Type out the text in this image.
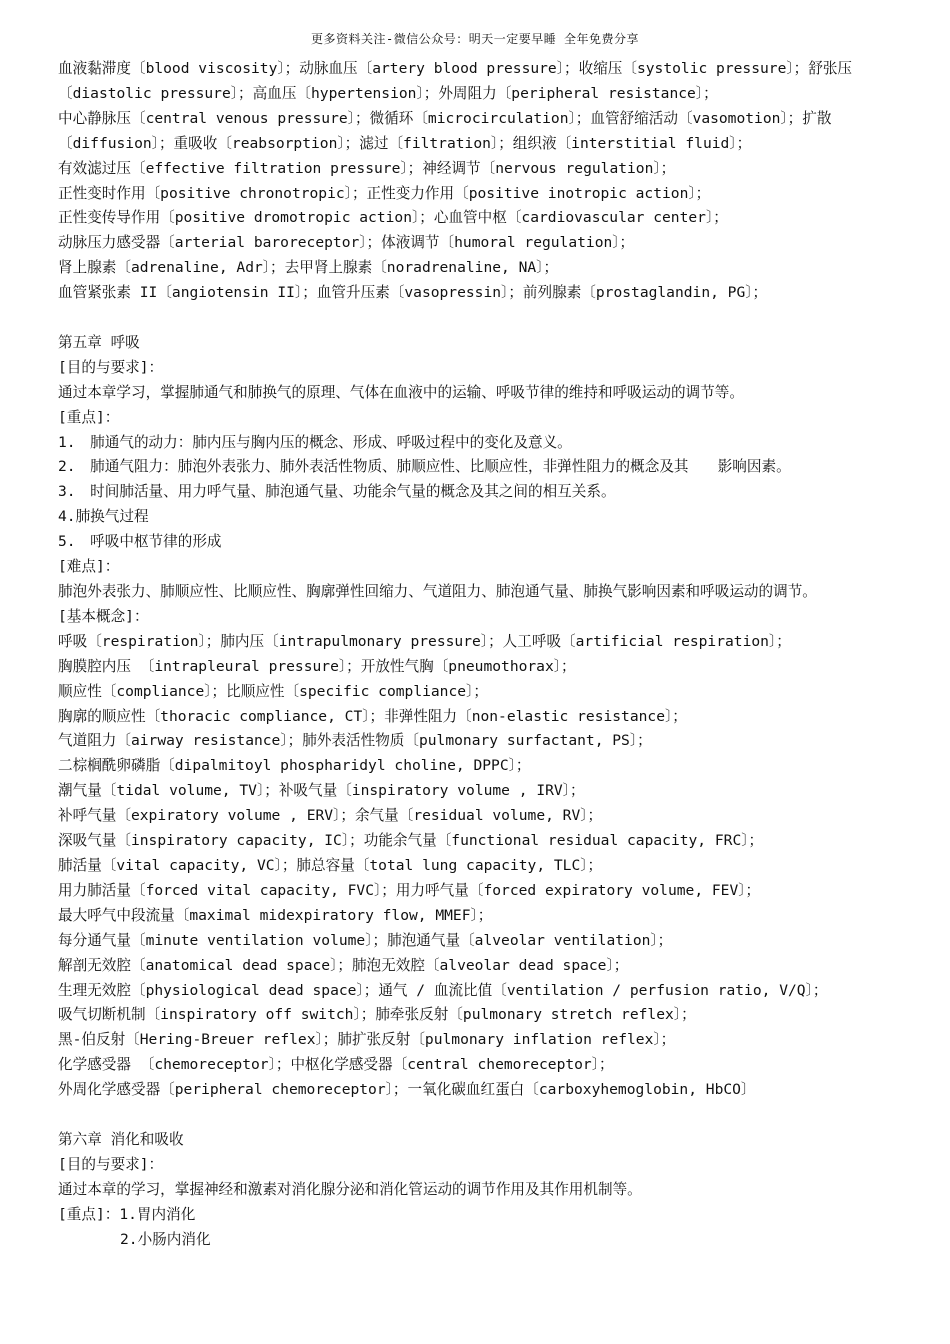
更多资料关注-微信公众号：明天一定要早睡 全年免费分享
血液黏滞度〔blood viscosity〕；动脉血压〔artery blood pressure〕；收缩压〔systolic pressure〕；舒张压
〔diastolic pressure〕；高血压〔hypertension〕；外周阻力〔peripheral resistance〕；
中心静脉压〔central venous pressure〕；微循环〔microcirculation〕；血管舒缩活动〔vasomotion〕；扩散
〔diffusion〕；重吸收〔reabsorption〕；滤过〔filtration〕；组织液〔interstitial fluid〕；
有效滤过压〔effective filtration pressure〕；神经调节〔nervous regulation〕；
正性变时作用〔positive chronotropic〕；正性变力作用〔positive inotropic action〕；
正性变传导作用〔positive dromotropic action〕；心血管中枢〔cardiovascular center〕；
动脉压力感受器〔arterial baroreceptor〕；体液调节〔humoral regulation〕；
肾上腺素〔adrenaline, Adr〕；去甲肾上腺素〔noradrenaline, NA〕；
血管紧张素 II〔angiotensin II〕；血管升压素〔vasopressin〕；前列腺素〔prostaglandin, PG〕；
第五章 呼吸
[目的与要求]：
通过本章学习，掌握肺通气和肺换气的原理、气体在血液中的运输、呼吸节律的维持和呼吸运动的调节等。
[重点]：
1.　肺通气的动力：肺内压与胸内压的概念、形成、呼吸过程中的变化及意义。
2.　肺通气阻力：肺泡外表张力、肺外表活性物质、肺顺应性、比顺应性，非弹性阻力的概念及其　　影响因素。
3.　时间肺活量、用力呼气量、肺泡通气量、功能余气量的概念及其之间的相互关系。
4.肺换气过程
5.　呼吸中枢节律的形成
[难点]：
肺泡外表张力、肺顺应性、比顺应性、胸廓弹性回缩力、气道阻力、肺泡通气量、肺换气影响因素和呼吸运动的调节。
[基本概念]：
呼吸〔respiration〕；肺内压〔intrapulmonary pressure〕；人工呼吸〔artificial respiration〕；
胸膜腔内压 〔intrapleural pressure〕；开放性气胸〔pneumothorax〕；
顺应性〔compliance〕；比顺应性〔specific compliance〕；
胸廓的顺应性〔thoracic compliance, CT〕；非弹性阻力〔non-elastic resistance〕；
气道阻力〔airway resistance〕；肺外表活性物质〔pulmonary surfactant, PS〕；
二棕榈酰卵磷脂〔dipalmitoyl phospharidyl choline, DPPC〕；
潮气量〔tidal volume, TV〕；补吸气量〔inspiratory volume , IRV〕；
补呼气量〔expiratory volume , ERV〕；余气量〔residual volume, RV〕；
深吸气量〔inspiratory capacity, IC〕；功能余气量〔functional residual capacity, FRC〕；
肺活量〔vital capacity, VC〕；肺总容量〔total lung capacity, TLC〕；
用力肺活量〔forced vital capacity, FVC〕；用力呼气量〔forced expiratory volume, FEV〕；
最大呼气中段流量〔maximal midexpiratory flow, MMEF〕；
每分通气量〔minute ventilation volume〕；肺泡通气量〔alveolar ventilation〕；
解剖无效腔〔anatomical dead space〕；肺泡无效腔〔alveolar dead space〕；
生理无效腔〔physiological dead space〕；通气 / 血流比值〔ventilation / perfusion ratio, V/Q〕；
吸气切断机制〔inspiratory off switch〕；肺牵张反射〔pulmonary stretch reflex〕；
黑-伯反射〔Hering-Breuer reflex〕；肺扩张反射〔pulmonary inflation reflex〕；
化学感受器 〔chemoreceptor〕；中枢化学感受器〔central chemoreceptor〕；
外周化学感受器〔peripheral chemoreceptor〕；一氧化碳血红蛋白〔carboxyhemoglobin, HbCO〕
第六章 消化和吸收
[目的与要求]：
通过本章的学习，掌握神经和激素对消化腺分泌和消化管运动的调节作用及其作用机制等。
[重点]：1.胃内消化
2.小肠内消化
